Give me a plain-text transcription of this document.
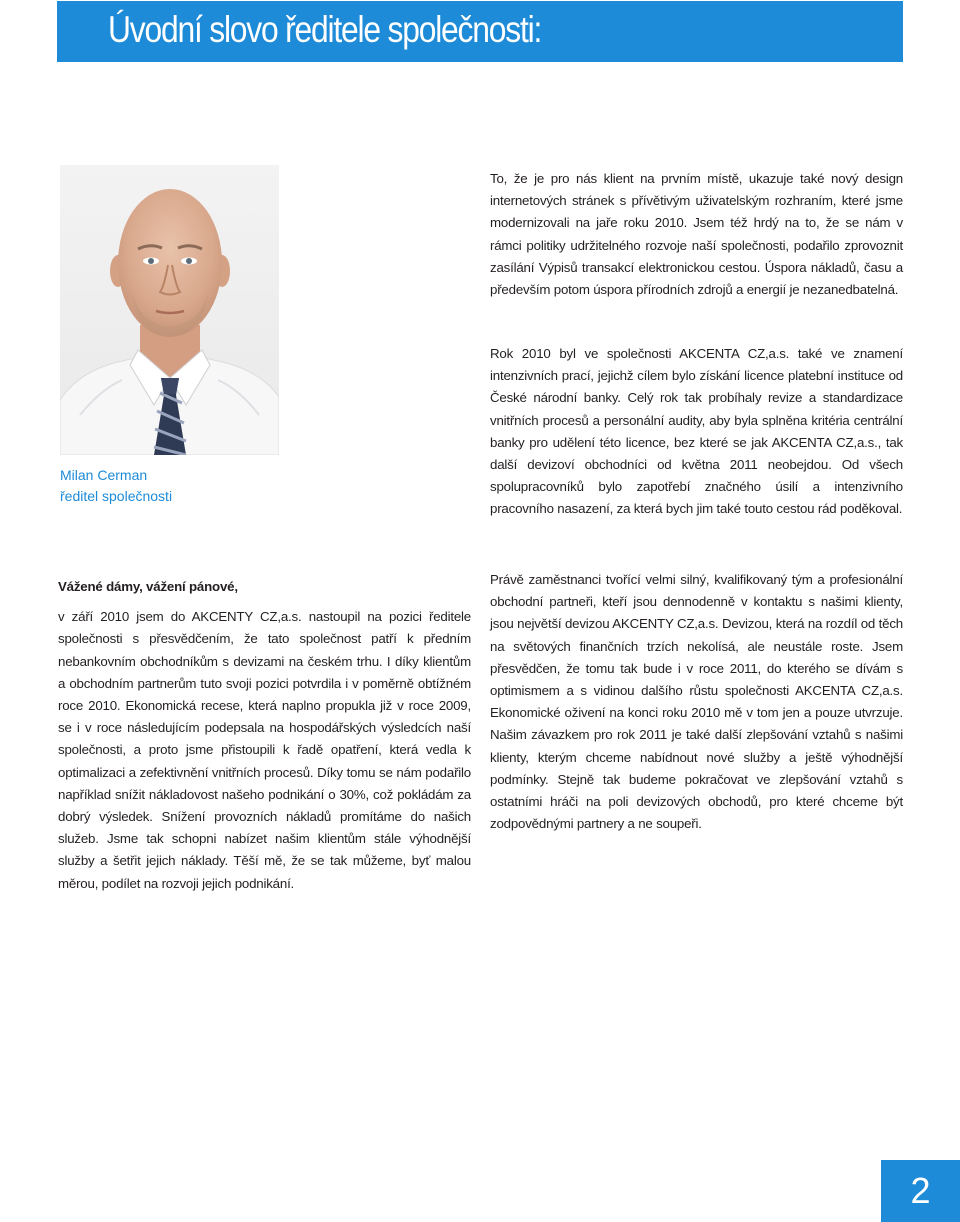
Úvodní slovo ředitele společnosti:
Milan Cerman
ředitel společnosti

To, že je pro nás klient na prvním místě, ukazuje také nový design internetových stránek s přívětivým uživatelským rozhraním, které jsme modernizovali na jaře roku 2010. Jsem též hrdý na to, že se nám v rámci politiky udržitelného rozvoje naší společnosti, podařilo zprovoznit zasílání Výpisů transakcí elektronickou cestou. Úspora nákladů, času a především potom úspora přírodních zdrojů a energií je nezanedbatelná.

Rok 2010 byl ve společnosti AKCENTA CZ,a.s. také ve znamení intenzivních prací, jejichž cílem bylo získání licence platební instituce od České národní banky. Celý rok tak probíhaly revize a standardizace vnitřních procesů a personální audity, aby byla splněna kritéria centrální banky pro udělení této licence, bez které se jak AKCENTA CZ,a.s., tak další devizoví obchodníci od května 2011 neobejdou. Od všech spolupracovníků bylo zapotřebí značného úsilí a intenzivního pracovního nasazení, za která bych jim také touto cestou rád poděkoval.

Vážené dámy, vážení pánové,

v září 2010 jsem do AKCENTY CZ,a.s. nastoupil na pozici ředitele společnosti s přesvědčením, že tato společnost patří k předním nebankovním obchodníkům s devizami na českém trhu. I díky klientům a obchodním partnerům tuto svoji pozici potvrdila i v poměrně obtížném roce 2010. Ekonomická recese, která naplno propukla již v roce 2009, se i v roce následujícím podepsala na hospodářských výsledcích naší společnosti, a proto jsme přistoupili k řadě opatření, která vedla k optimalizaci a zefektivnění vnitřních procesů. Díky tomu se nám podařilo například snížit nákladovost našeho podnikání o 30%, což pokládám za dobrý výsledek. Snížení provozních nákladů promítáme do našich služeb. Jsme tak schopni nabízet našim klientům stále výhodnější služby a šetřit jejich náklady. Těší mě, že se tak můžeme, byť malou měrou, podílet na rozvoji jejich podnikání.

Právě zaměstnanci tvořící velmi silný, kvalifikovaný tým a profesionální obchodní partneři, kteří jsou dennodenně v kontaktu s našimi klienty, jsou největší devizou AKCENTY CZ,a.s. Devizou, která na rozdíl od těch na světových finančních trzích nekolísá, ale neustále roste. Jsem přesvědčen, že tomu tak bude i v roce 2011, do kterého se dívám s optimismem a s vidinou dalšího růstu společnosti AKCENTA CZ,a.s. Ekonomické oživení na konci roku 2010 mě v tom jen a pouze utvrzuje. Našim závazkem pro rok 2011 je také další zlepšování vztahů s našimi klienty, kterým chceme nabídnout nové služby a ještě výhodnější podmínky. Stejně tak budeme pokračovat ve zlepšování vztahů s ostatními hráči na poli devizových obchodů, pro které chceme být zodpovědnými partnery a ne soupeři.

2
